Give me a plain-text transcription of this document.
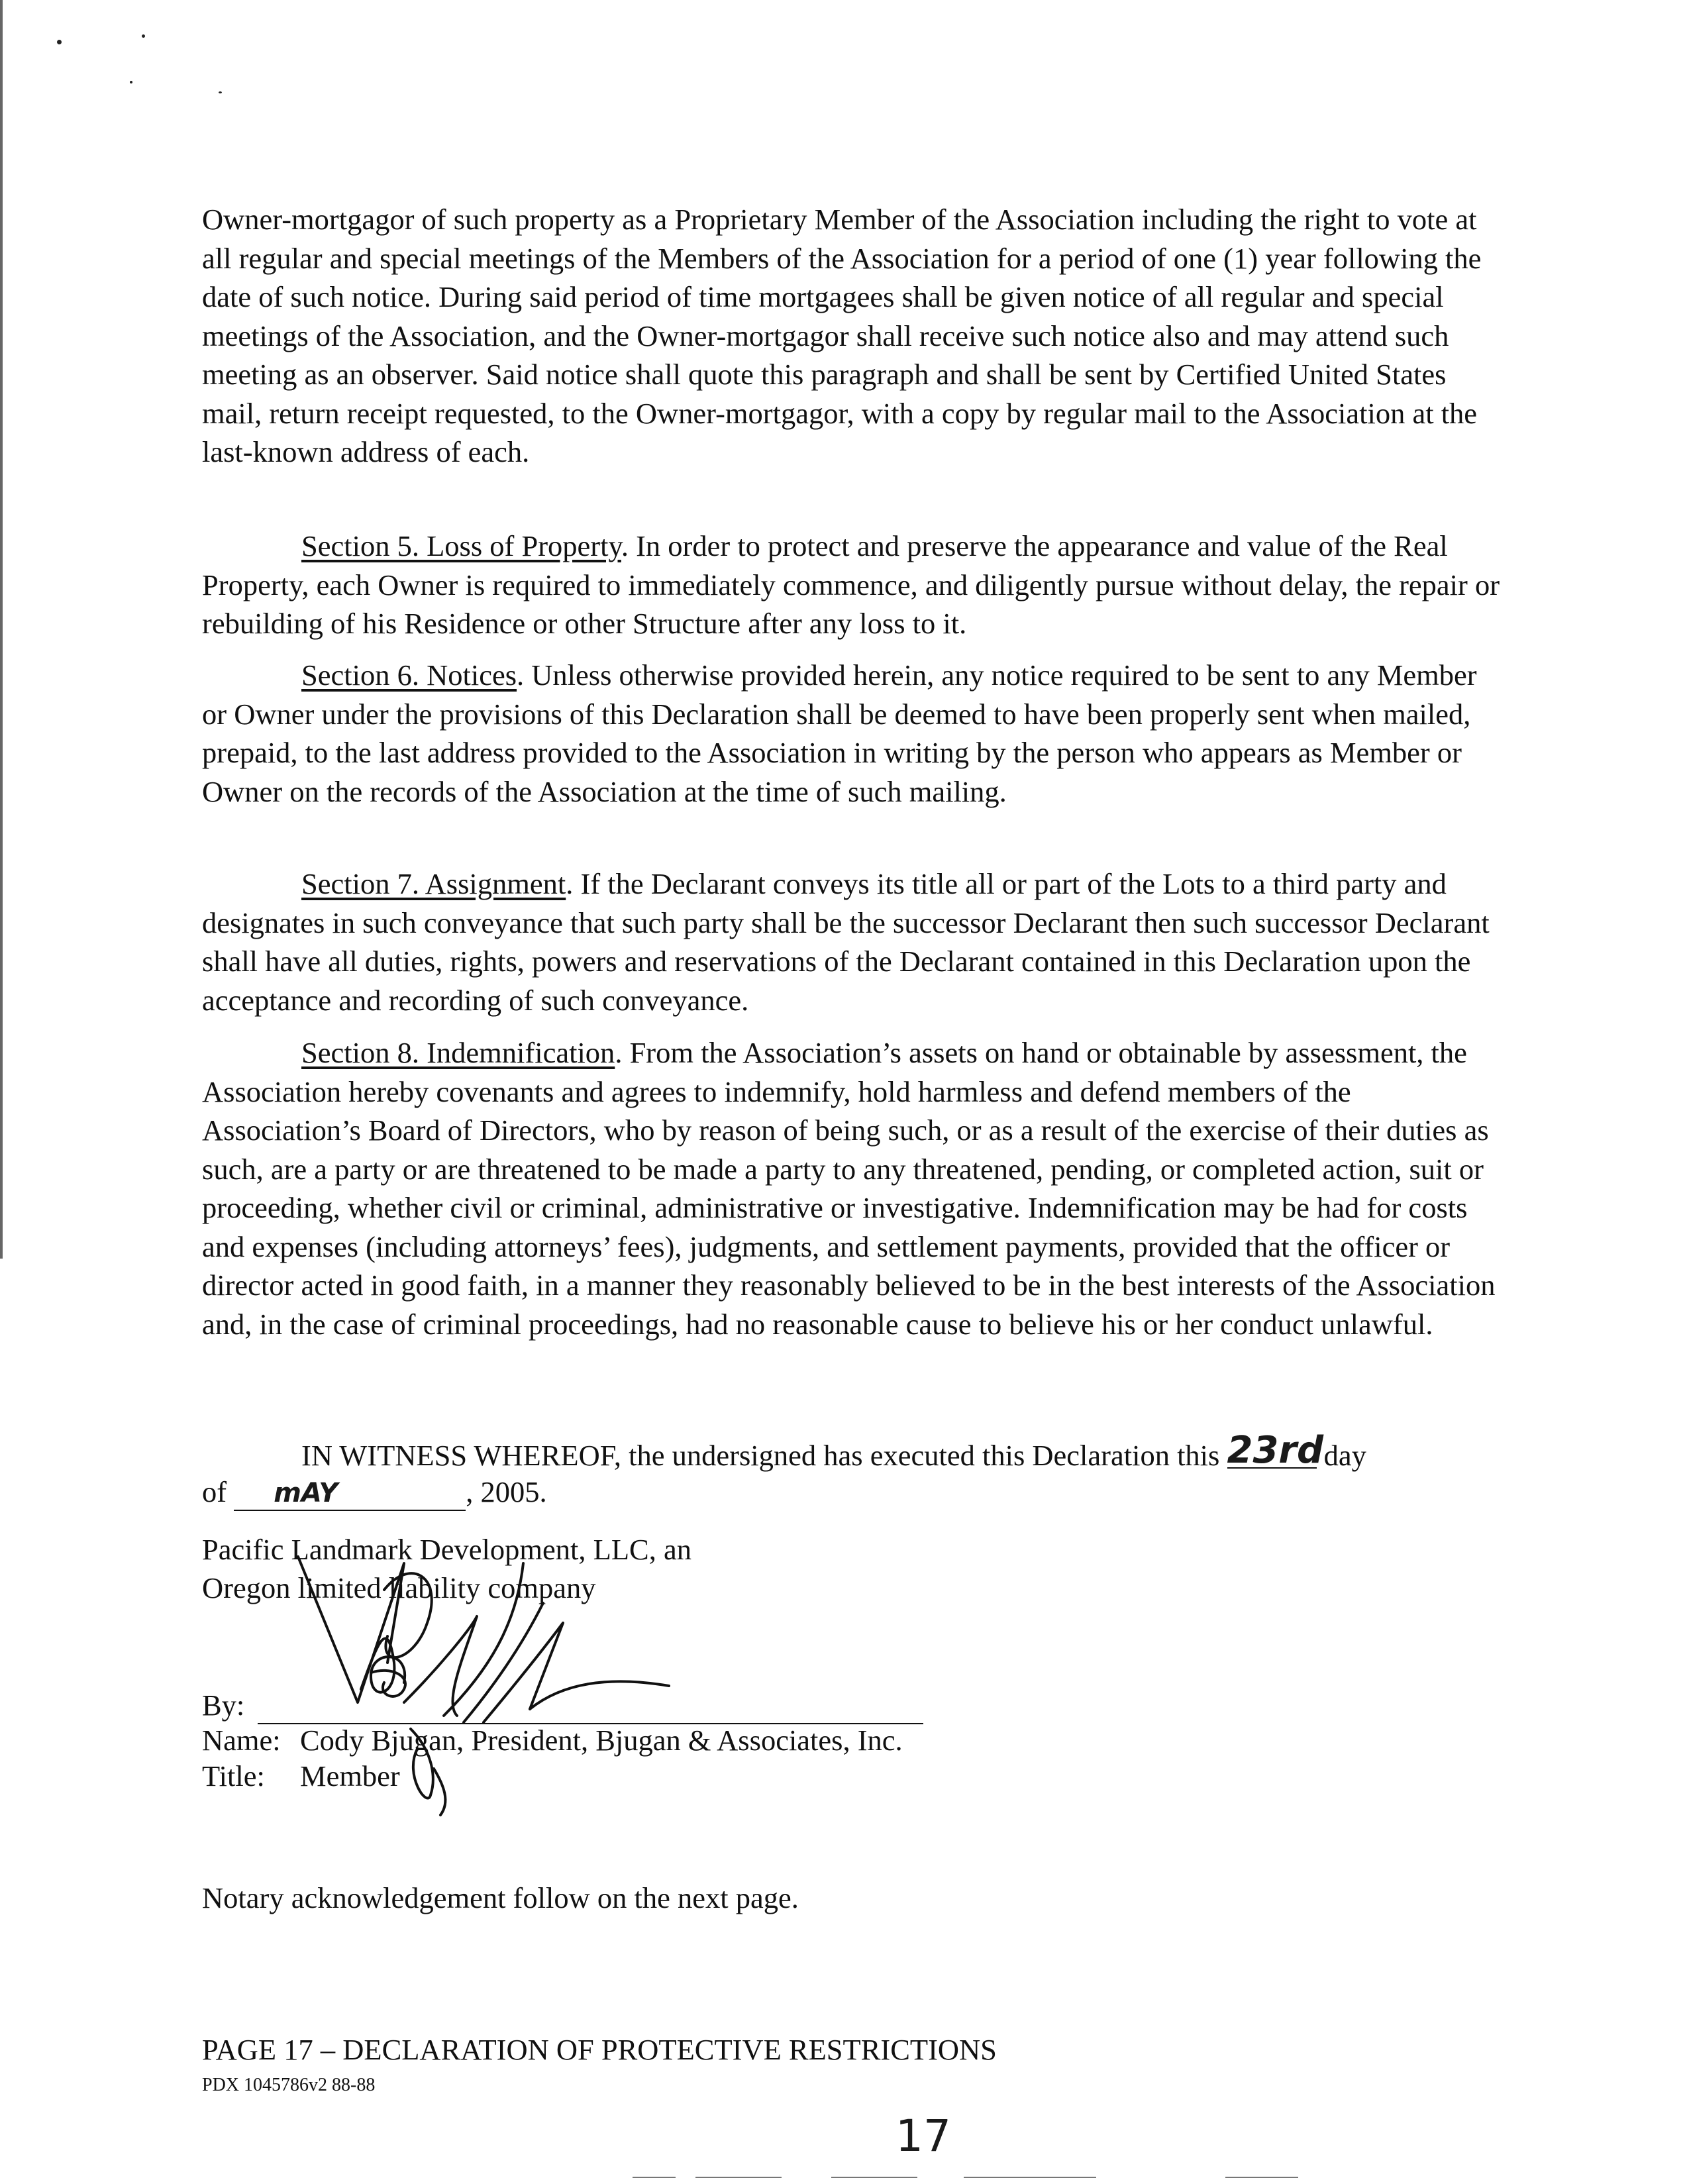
Owner-mortgagor of such property as a Proprietary Member of the Association including the right to vote at all regular and special meetings of the Members of the Association for a period of one (1) year following the date of such notice. During said period of time mortgagees shall be given notice of all regular and special meetings of the Association, and the Owner-mortgagor shall receive such notice also and may attend such meeting as an observer. Said notice shall quote this paragraph and shall be sent by Certified United States mail, return receipt requested, to the Owner-mortgagor, with a copy by regular mail to the Association at the last-known address of each.

Section 5. Loss of Property. In order to protect and preserve the appearance and value of the Real Property, each Owner is required to immediately commence, and diligently pursue without delay, the repair or rebuilding of his Residence or other Structure after any loss to it.

Section 6. Notices. Unless otherwise provided herein, any notice required to be sent to any Member or Owner under the provisions of this Declaration shall be deemed to have been properly sent when mailed, prepaid, to the last address provided to the Association in writing by the person who appears as Member or Owner on the records of the Association at the time of such mailing.

Section 7. Assignment. If the Declarant conveys its title all or part of the Lots to a third party and designates in such conveyance that such party shall be the successor Declarant then such successor Declarant shall have all duties, rights, powers and reservations of the Declarant contained in this Declaration upon the acceptance and recording of such conveyance.

Section 8. Indemnification. From the Association’s assets on hand or obtainable by assessment, the Association hereby covenants and agrees to indemnify, hold harmless and defend members of the Association’s Board of Directors, who by reason of being such, or as a result of the exercise of their duties as such, are a party or are threatened to be made a party to any threatened, pending, or completed action, suit or proceeding, whether civil or criminal, administrative or investigative. Indemnification may be had for costs and expenses (including attorneys’ fees), judgments, and settlement payments, provided that the officer or director acted in good faith, in a manner they reasonably believed to be in the best interests of the Association and, in the case of criminal proceedings, had no reasonable cause to believe his or her conduct unlawful.

IN WITNESS WHEREOF, the undersigned has executed this Declaration this 23rd day
of mAY	, 2005.
Pacific Landmark Development, LLC, an
Oregon limited liability company
By:
Name: Cody Bjugan, President, Bjugan & Associates, Inc.
Title: Member
Notary acknowledgement follow on the next page.
PAGE 17 – DECLARATION OF PROTECTIVE RESTRICTIONS
PDX 1045786v2 88-88
17
